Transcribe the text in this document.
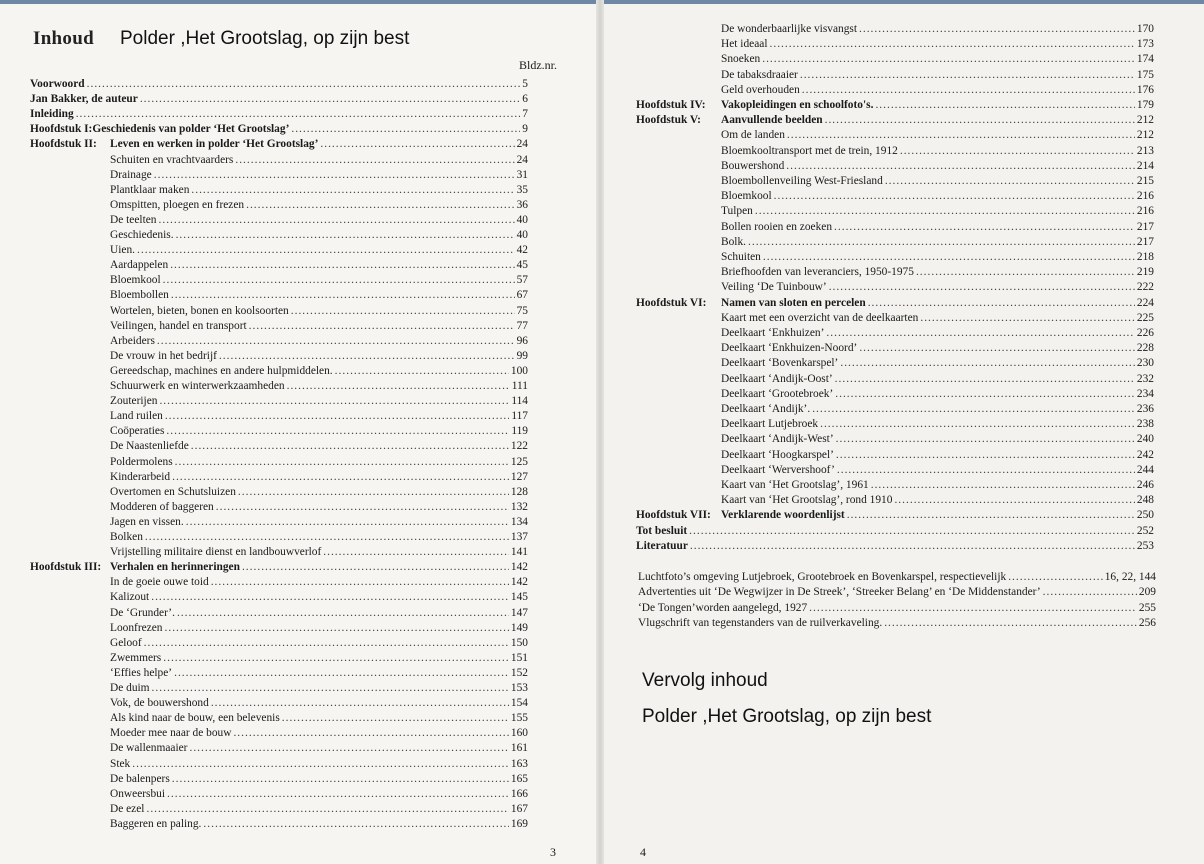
Inhoud Polder ,Het Grootslag, op zijn best
Bldz.nr.
Voorwoord .....	5
Jan Bakker, de auteur .....	6
Inleiding .....	7
Hoofdstuk I:Geschiedenis van polder ‘Het Grootslag’ .....	9
Hoofdstuk II:	Leven en werken in polder ‘Het Grootslag’ .....	24
Schuiten en vrachtvaarders .....	24
Drainage .....	31
Plantklaar maken .....	35
Omspitten, ploegen en frezen .....	36
De teelten .....	40
Geschiedenis. .....	40
Uien. .....	42
Aardappelen .....	45
Bloemkool .....	57
Bloembollen .....	67
Wortelen, bieten, bonen en koolsoorten .....	75
Veilingen, handel en transport .....	77
Arbeiders .....	96
De vrouw in het bedrijf .....	99
Gereedschap, machines en andere hulpmiddelen. .....	100
Schuurwerk en winterwerkzaamheden .....	111
Zouterijen .....	114
Land ruilen .....	117
Coöperaties .....	119
De Naastenliefde .....	122
Poldermolens .....	125
Kinderarbeid .....	127
Overtomen en Schutsluizen .....	128
Modderen of baggeren .....	132
Jagen en vissen. .....	134
Bolken .....	137
Vrijstelling militaire dienst en landbouwverlof .....	141
Hoofdstuk III: Verhalen en herinneringen .....	142
In de goeie ouwe toid .....	142
Kalizout .....	145
De ‘Grunder’. .....	147
Loonfrezen .....	149
Geloof .....	150
Zwemmers .....	151
‘Effies helpe’ .....	152
De duim .....	153
Vok, de bouwershond .....	154
Als kind naar de bouw, een belevenis .....	155
Moeder mee naar de bouw .....	160
De wallenmaaier .....	161
Stek .....	163
De balenpers .....	165
Onweersbui .....	166
De ezel .....	167
Baggeren en paling. .....	169
3
De wonderbaarlijke visvangst .....	170
Het ideaal .....	173
Snoeken .....	174
De tabaksdraaier .....	175
Geld overhouden .....	176
Hoofdstuk IV:	Vakopleidingen en schoolfoto's. .....	179
Hoofdstuk V:	Aanvullende beelden .....	212
Om de landen .....	212
Bloemkooltransport met de trein, 1912 .....	213
Bouwershond .....	214
Bloembollenveiling West-Friesland .....	215
Bloemkool .....	216
Tulpen .....	216
Bollen rooien en zoeken .....	217
Bolk. .....	217
Schuiten .....	218
Briefhoofden van leveranciers, 1950-1975 .....	219
Veiling ‘De Tuinbouw’ .....	222
Hoofdstuk VI:	Namen van sloten en percelen .....	224
Kaart met een overzicht van de deelkaarten .....	225
Deelkaart ‘Enkhuizen’ .....	226
Deelkaart ‘Enkhuizen-Noord’ .....	228
Deelkaart ‘Bovenkarspel’ .....	230
Deelkaart ‘Andijk-Oost’ .....	232
Deelkaart ‘Grootebroek’ .....	234
Deelkaart ‘Andijk’. .....	236
Deelkaart Lutjebroek .....	238
Deelkaart ‘Andijk-West’ .....	240
Deelkaart ‘Hoogkarspel’ .....	242
Deelkaart ‘Wervershoof’ .....	244
Kaart van ‘Het Grootslag’, 1961 .....	246
Kaart van ‘Het Grootslag’, rond 1910 .....	248
Hoofdstuk VII: Verklarende woordenlijst .....	250
Tot besluit .....	252
Literatuur .....	253
Luchtfoto’s omgeving Lutjebroek, Grootebroek en Bovenkarspel, respectievelijk .....	16, 22, 144
Advertenties uit ‘De Wegwijzer in De Streek’, ‘Streeker Belang’ en ‘De Middenstander’ .....	209
‘De Tongen’worden aangelegd, 1927 .....	255
Vlugschrift van tegenstanders van de ruilverkaveling. .....	256
Vervolg inhoud
Polder ,Het Grootslag, op zijn best
4
